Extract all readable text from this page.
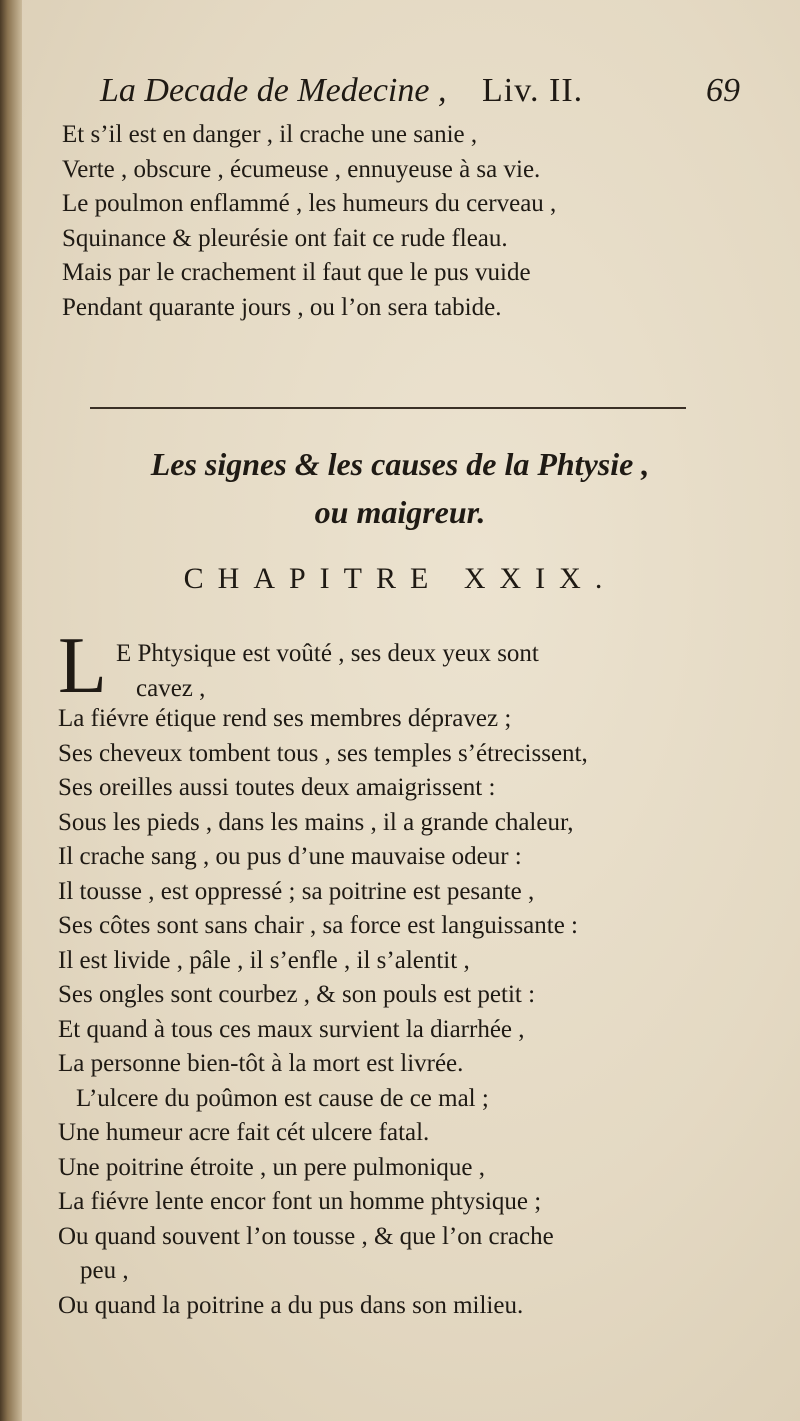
La Decade de Medecine , Liv. II.	69
Et s’il est en danger , il crache une sanie ,
Verte , obscure , écumeuse , ennuyeuse à sa vie.
Le poulmon enflammé , les humeurs du cerveau ,
Squinance & pleurésie ont fait ce rude fleau.
Mais par le crachement il faut que le pus vuide
Pendant quarante jours , ou l’on sera tabide.
Les signes & les causes de la Phtysie ,
ou maigreur.
CHAPITRE XXIX.
L E Phtysique est voûté , ses deux yeux sont
cavez ,
La fiévre étique rend ses membres dépravez ;
Ses cheveux tombent tous , ses temples s’étrecissent,
Ses oreilles aussi toutes deux amaigrissent :
Sous les pieds , dans les mains , il a grande chaleur,
Il crache sang , ou pus d’une mauvaise odeur :
Il tousse , est oppressé ; sa poitrine est pesante ,
Ses côtes sont sans chair , sa force est languissante :
Il est livide , pâle , il s’enfle , il s’alentit ,
Ses ongles sont courbez , & son pouls est petit :
Et quand à tous ces maux survient la diarrhée ,
La personne bien-tôt à la mort est livrée.
L’ulcere du poûmon est cause de ce mal ;
Une humeur acre fait cét ulcere fatal.
Une poitrine étroite , un pere pulmonique ,
La fiévre lente encor font un homme phtysique ;
Ou quand souvent l’on tousse , & que l’on crache
peu ,
Ou quand la poitrine a du pus dans son milieu.
